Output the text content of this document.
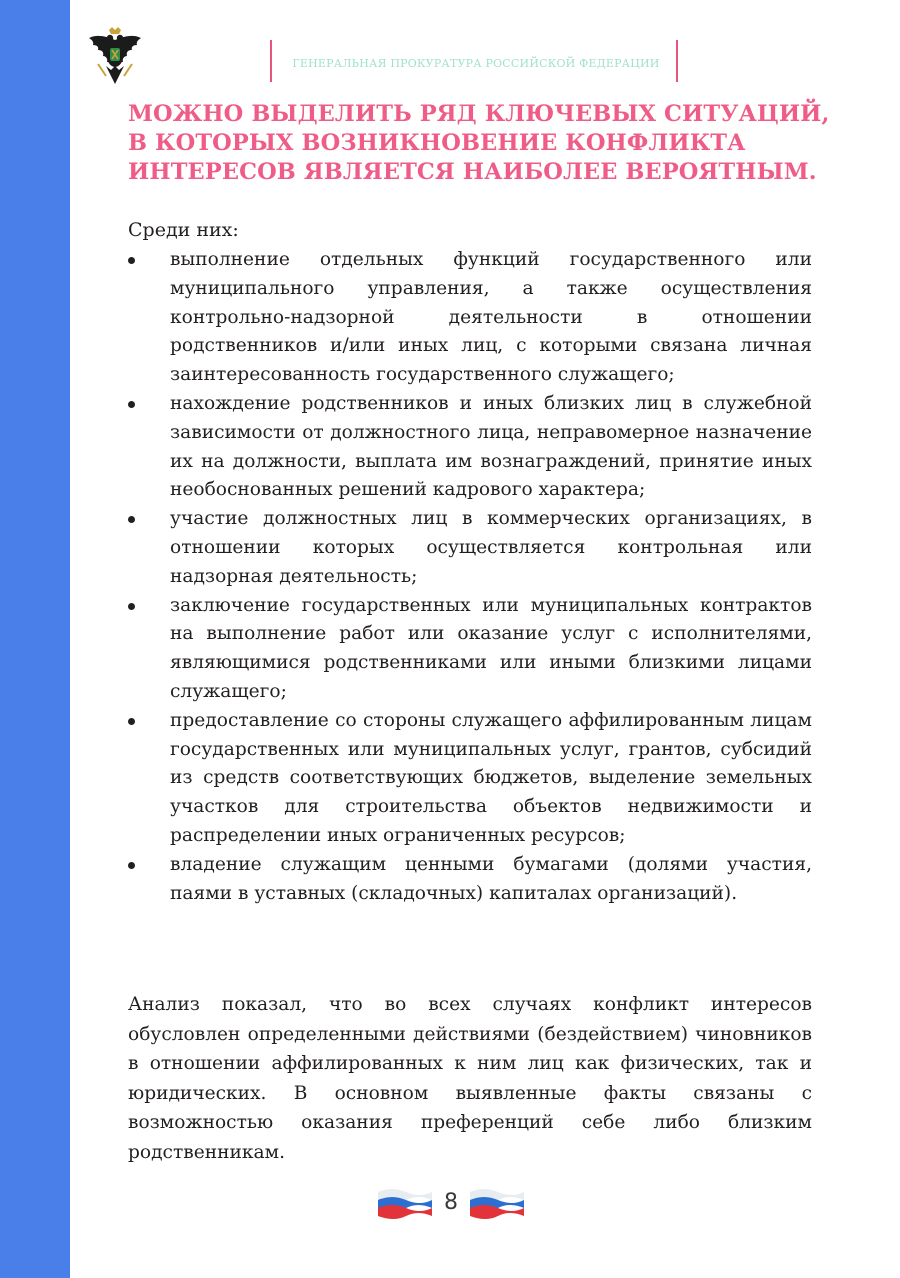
ГЕНЕРАЛЬНАЯ ПРОКУРАТУРА РОССИЙСКОЙ ФЕДЕРАЦИИ
МОЖНО ВЫДЕЛИТЬ РЯД КЛЮЧЕВЫХ СИТУАЦИЙ,
В КОТОРЫХ ВОЗНИКНОВЕНИЕ КОНФЛИКТА
ИНТЕРЕСОВ ЯВЛЯЕТСЯ НАИБОЛЕЕ ВЕРОЯТНЫМ.
Среди них:
выполнение отдельных функций государственного или муниципального управления, а также осуществления контрольно-надзорной деятельности в отношении родственников и/или иных лиц, с которыми связана личная заинтересованность государственного служащего;
нахождение родственников и иных близких лиц в служебной зависимости от должностного лица, неправомерное назначение их на должности, выплата им вознаграждений, принятие иных необоснованных решений кадрового характера;
участие должностных лиц в коммерческих организациях, в отношении которых осуществляется контрольная или надзорная деятельность;
заключение государственных или муниципальных контрактов на выполнение работ или оказание услуг с исполнителями, являющимися родственниками или иными близкими лицами служащего;
предоставление со стороны служащего аффилированным лицам государственных или муниципальных услуг, грантов, субсидий из средств соответствующих бюджетов, выделение земельных участков для строительства объектов недвижимости и распределении иных ограниченных ресурсов;
владение служащим ценными бумагами (долями участия, паями в уставных (складочных) капиталах организаций).

Анализ показал, что во всех случаях конфликт интересов обусловлен определенными действиями (бездействием) чиновников в отношении аффилированных к ним лиц как физических, так и юридических. В основном выявленные факты связаны с возможностью оказания преференций себе либо близким родственникам.

8
